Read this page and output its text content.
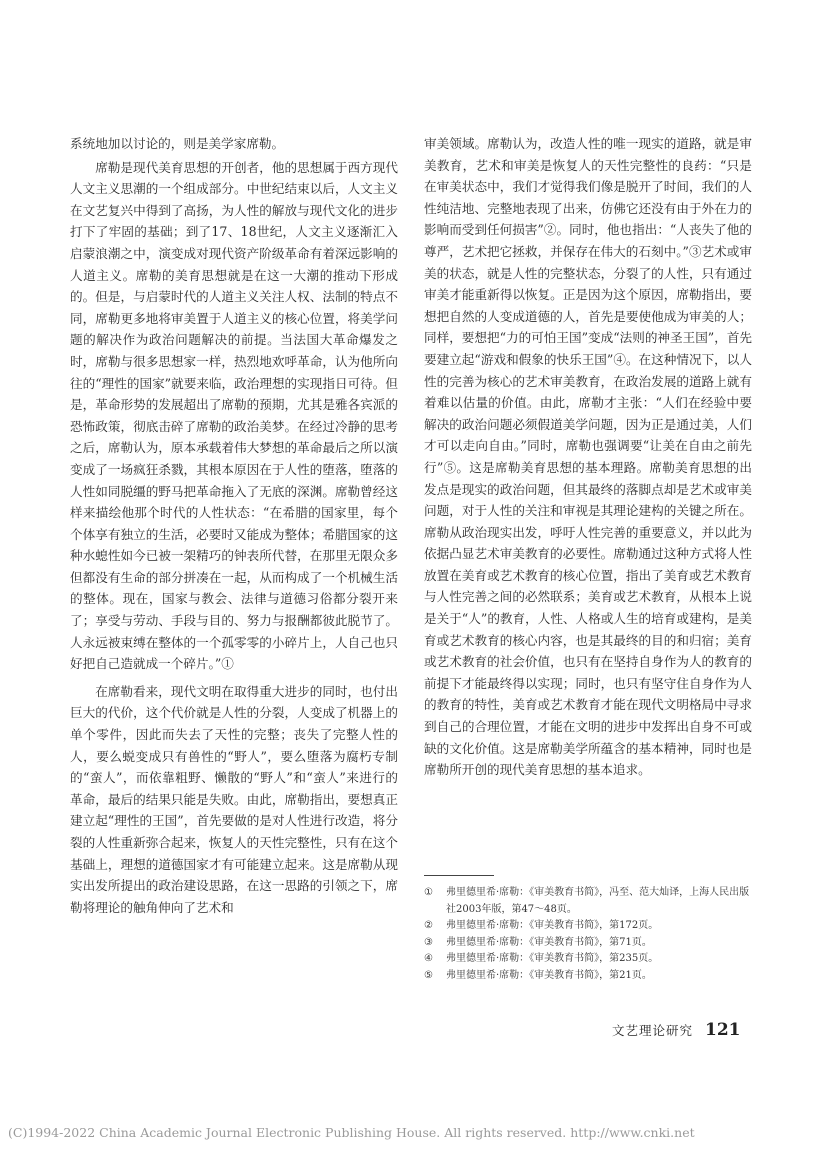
系统地加以讨论的，则是美学家席勒。

席勒是现代美育思想的开创者，他的思想属于西方现代人文主义思潮的一个组成部分。中世纪结束以后，人文主义在文艺复兴中得到了高扬，为人性的解放与现代文化的进步打下了牢固的基础；到了17、18世纪，人文主义逐渐汇入启蒙浪潮之中，演变成对现代资产阶级革命有着深远影响的人道主义。席勒的美育思想就是在这一大潮的推动下形成的。但是，与启蒙时代的人道主义关注人权、法制的特点不同，席勒更多地将审美置于人道主义的核心位置，将美学问题的解决作为政治问题解决的前提。当法国大革命爆发之时，席勒与很多思想家一样，热烈地欢呼革命，认为他所向往的“理性的国家”就要来临，政治理想的实现指日可待。但是，革命形势的发展超出了席勒的预期，尤其是雅各宾派的恐怖政策，彻底击碎了席勒的政治美梦。在经过冷静的思考之后，席勒认为，原本承载着伟大梦想的革命最后之所以演变成了一场疯狂杀戮，其根本原因在于人性的堕落，堕落的人性如同脱缰的野马把革命拖入了无底的深渊。席勒曾经这样来描绘他那个时代的人性状态：“在希腊的国家里，每个个体享有独立的生活，必要时又能成为整体；希腊国家的这种水螅性如今已被一架精巧的钟表所代替，在那里无限众多但都没有生命的部分拼凑在一起，从而构成了一个机械生活的整体。现在，国家与教会、法律与道德习俗都分裂开来了；享受与劳动、手段与目的、努力与报酬都彼此脱节了。人永远被束缚在整体的一个孤零零的小碎片上，人自己也只好把自己造就成一个碎片。”①

在席勒看来，现代文明在取得重大进步的同时，也付出巨大的代价，这个代价就是人性的分裂，人变成了机器上的单个零件，因此而失去了天性的完整；丧失了完整人性的人，要么蜕变成只有兽性的“野人”，要么堕落为腐朽专制的“蛮人”，而依靠粗野、懒散的“野人”和“蛮人”来进行的革命，最后的结果只能是失败。由此，席勒指出，要想真正建立起“理性的王国”，首先要做的是对人性进行改造，将分裂的人性重新弥合起来，恢复人的天性完整性，只有在这个基础上，理想的道德国家才有可能建立起来。这是席勒从现实出发所提出的政治建设思路，在这一思路的引领之下，席勒将理论的触角伸向了艺术和

审美领域。席勒认为，改造人性的唯一现实的道路，就是审美教育，艺术和审美是恢复人的天性完整性的良药：“只是在审美状态中，我们才觉得我们像是脱开了时间，我们的人性纯洁地、完整地表现了出来，仿佛它还没有由于外在力的影响而受到任何损害”②。同时，他也指出：“人丧失了他的尊严，艺术把它拯救，并保存在伟大的石刻中。”③艺术或审美的状态，就是人性的完整状态，分裂了的人性，只有通过审美才能重新得以恢复。正是因为这个原因，席勒指出，要想把自然的人变成道德的人，首先是要使他成为审美的人；同样，要想把“力的可怕王国”变成“法则的神圣王国”，首先要建立起“游戏和假象的快乐王国”④。在这种情况下，以人性的完善为核心的艺术审美教育，在政治发展的道路上就有着难以估量的价值。由此，席勒才主张：“人们在经验中要解决的政治问题必须假道美学问题，因为正是通过美，人们才可以走向自由。”同时，席勒也强调要“让美在自由之前先行”⑤。这是席勒美育思想的基本理路。席勒美育思想的出发点是现实的政治问题，但其最终的落脚点却是艺术或审美问题，对于人性的关注和审视是其理论建构的关键之所在。席勒从政治现实出发，呼吁人性完善的重要意义，并以此为依据凸显艺术审美教育的必要性。席勒通过这种方式将人性放置在美育或艺术教育的核心位置，指出了美育或艺术教育与人性完善之间的必然联系；美育或艺术教育，从根本上说是关于“人”的教育，人性、人格或人生的培育或建构，是美育或艺术教育的核心内容，也是其最终的目的和归宿；美育或艺术教育的社会价值，也只有在坚持自身作为人的教育的前提下才能最终得以实现；同时，也只有坚守住自身作为人的教育的特性，美育或艺术教育才能在现代文明格局中寻求到自己的合理位置，才能在文明的进步中发挥出自身不可或缺的文化价值。这是席勒美学所蕴含的基本精神，同时也是席勒所开创的现代美育思想的基本追求。

①	弗里德里希·席勒：《审美教育书简》，冯至、范大灿译，上海人民出版社2003年版，第47～48页。
②	弗里德里希·席勒：《审美教育书简》，第172页。
③	弗里德里希·席勒：《审美教育书简》，第71页。
④	弗里德里希·席勒：《审美教育书简》，第235页。
⑤	弗里德里希·席勒：《审美教育书简》，第21页。
文艺理论研究 121
(C)1994-2022 China Academic Journal Electronic Publishing House. All rights reserved. http://www.cnki.net
